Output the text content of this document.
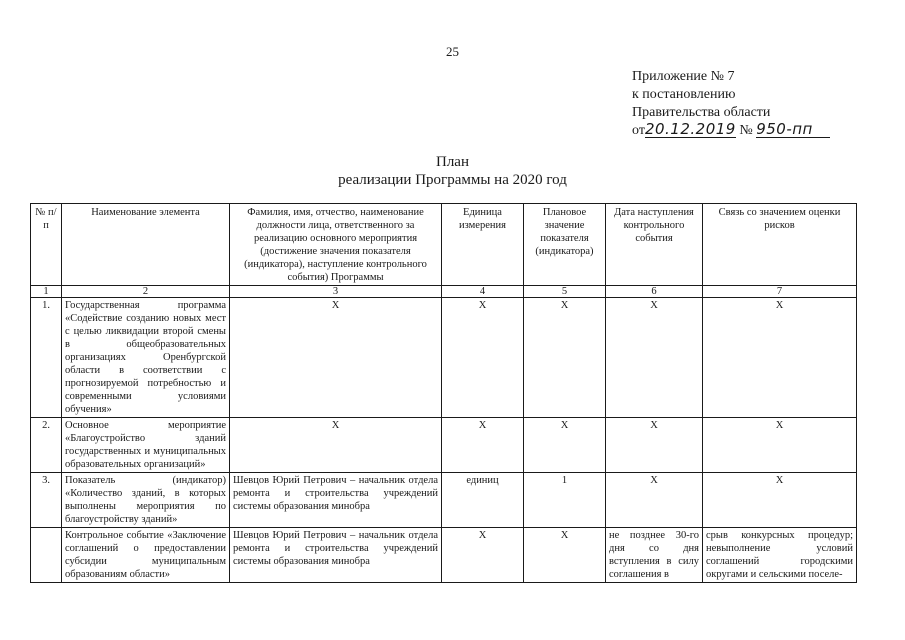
25
Приложение № 7
к постановлению
Правительства области
от20.12.2019 № 950-пп
План
реализации Программы на 2020 год
№ п/п	Наименование элемента	Фамилия, имя, отчество, наименование должности лица, ответственного за реализацию основного мероприятия (достижение значения показателя (индикатора), наступление контрольного события) Программы	Единица измерения	Плановое значение показателя (индикатора)	Дата наступления контрольного события	Связь со значением оценки рисков
1	2	3	4	5	6	7
1.	Государственная программа «Содействие созданию новых мест с целью ликвидации второй смены в общеобразовательных организациях Оренбургской области в соответствии с прогнозируемой потребностью и современными условиями обучения»	Х	Х	Х	Х	Х
2.	Основное мероприятие «Благоустройство зданий государственных и муниципальных образовательных организаций»	Х	Х	Х	Х	Х
3.	Показатель (индикатор) «Количество зданий, в которых выполнены мероприятия по благоустройству зданий»	Шевцов Юрий Петрович – начальник отдела ремонта и строительства учреждений системы образования минобра	единиц	1	Х	Х
	Контрольное событие «Заключение соглашений о предоставлении субсидии муниципальным образованиям области»	Шевцов Юрий Петрович – начальник отдела ремонта и строительства учреждений системы образования минобра	Х	Х	не позднее 30-го дня со дня вступления в силу соглашения в	срыв конкурсных процедур; невыполнение условий соглашений городскими округами и сельскими поселе-
